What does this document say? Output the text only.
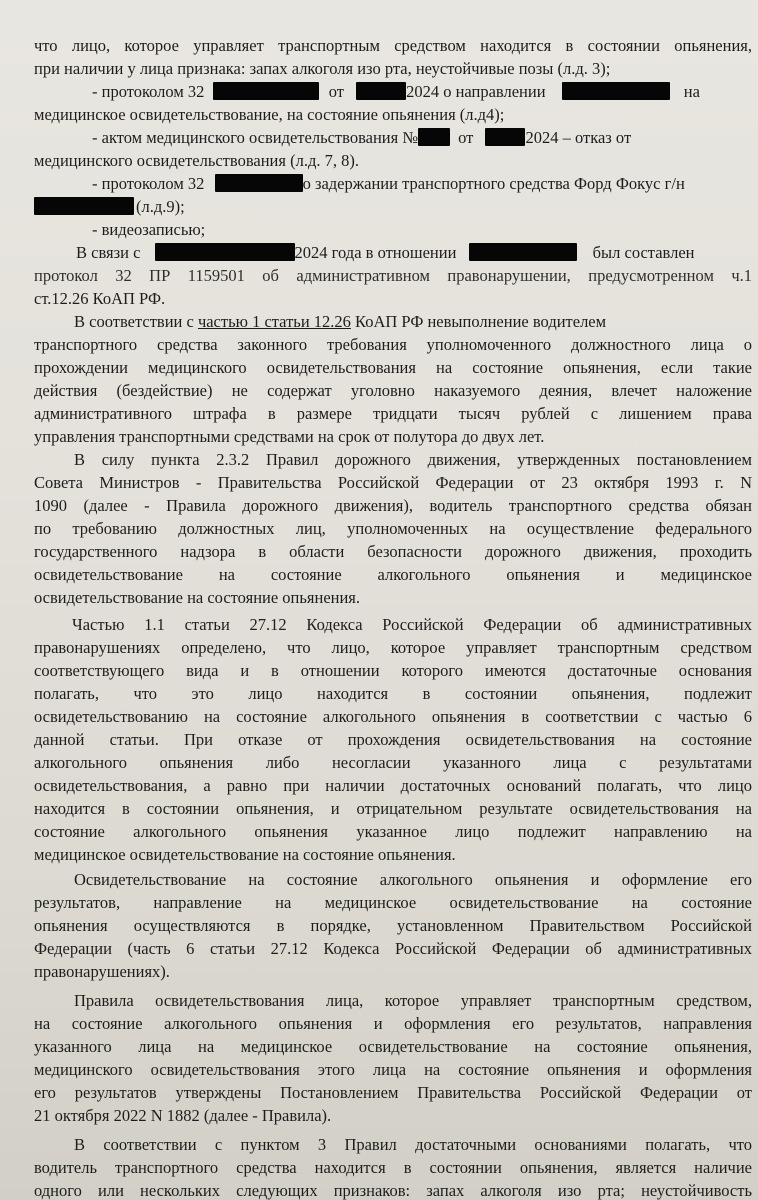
что лицо, которое управляет транспортным средством находится в состоянии опьянения,
при наличии у лица признака: запах алкоголя изо рта, неустойчивые позы (л.д. 3);
- протоколом 32	от	2024 о направлении	на
медицинское освидетельствование, на состояние опьянения (л.д4);
- актом медицинского освидетельствования № от	2024 – отказ от
медицинского освидетельствования (л.д. 7, 8).
- протоколом 32	о задержании транспортного средства Форд Фокус г/н
(л.д.9);
- видеозаписью;
В связи с	2024 года в отношении	был составлен
протокол 32 ПР 1159501 об административном правонарушении, предусмотренном ч.1
ст.12.26 КоАП РФ.
В соответствии с частью 1 статьи 12.26 КоАП РФ невыполнение водителем
транспортного средства законного требования уполномоченного должностного лица о
прохождении медицинского освидетельствования на состояние опьянения, если такие
действия (бездействие) не содержат уголовно наказуемого деяния, влечет наложение
административного штрафа в размере тридцати тысяч рублей с лишением права
управления транспортными средствами на срок от полутора до двух лет.
В силу пункта 2.3.2 Правил дорожного движения, утвержденных постановлением
Совета Министров - Правительства Российской Федерации от 23 октября 1993 г. N
1090 (далее - Правила дорожного движения), водитель транспортного средства обязан
по требованию должностных лиц, уполномоченных на осуществление федерального
государственного надзора в области безопасности дорожного движения, проходить
освидетельствование на состояние алкогольного опьянения и медицинское
освидетельствование на состояние опьянения.
Частью 1.1 статьи 27.12 Кодекса Российской Федерации об административных
правонарушениях определено, что лицо, которое управляет транспортным средством
соответствующего вида и в отношении которого имеются достаточные основания
полагать, что это лицо находится в состоянии опьянения, подлежит
освидетельствованию на состояние алкогольного опьянения в соответствии с частью 6
данной статьи. При отказе от прохождения освидетельствования на состояние
алкогольного опьянения либо несогласии указанного лица с результатами
освидетельствования, а равно при наличии достаточных оснований полагать, что лицо
находится в состоянии опьянения, и отрицательном результате освидетельствования на
состояние алкогольного опьянения указанное лицо подлежит направлению на
медицинское освидетельствование на состояние опьянения.
Освидетельствование на состояние алкогольного опьянения и оформление его
результатов, направление на медицинское освидетельствование на состояние
опьянения осуществляются в порядке, установленном Правительством Российской
Федерации (часть 6 статьи 27.12 Кодекса Российской Федерации об административных
правонарушениях).
Правила освидетельствования лица, которое управляет транспортным средством,
на состояние алкогольного опьянения и оформления его результатов, направления
указанного лица на медицинское освидетельствование на состояние опьянения,
медицинского освидетельствования этого лица на состояние опьянения и оформления
его результатов утверждены Постановлением Правительства Российской Федерации от
21 октября 2022 N 1882 (далее - Правила).
В соответствии с пунктом 3 Правил достаточными основаниями полагать, что
водитель транспортного средства находится в состоянии опьянения, является наличие
одного или нескольких следующих признаков: запах алкоголя изо рта; неустойчивость
